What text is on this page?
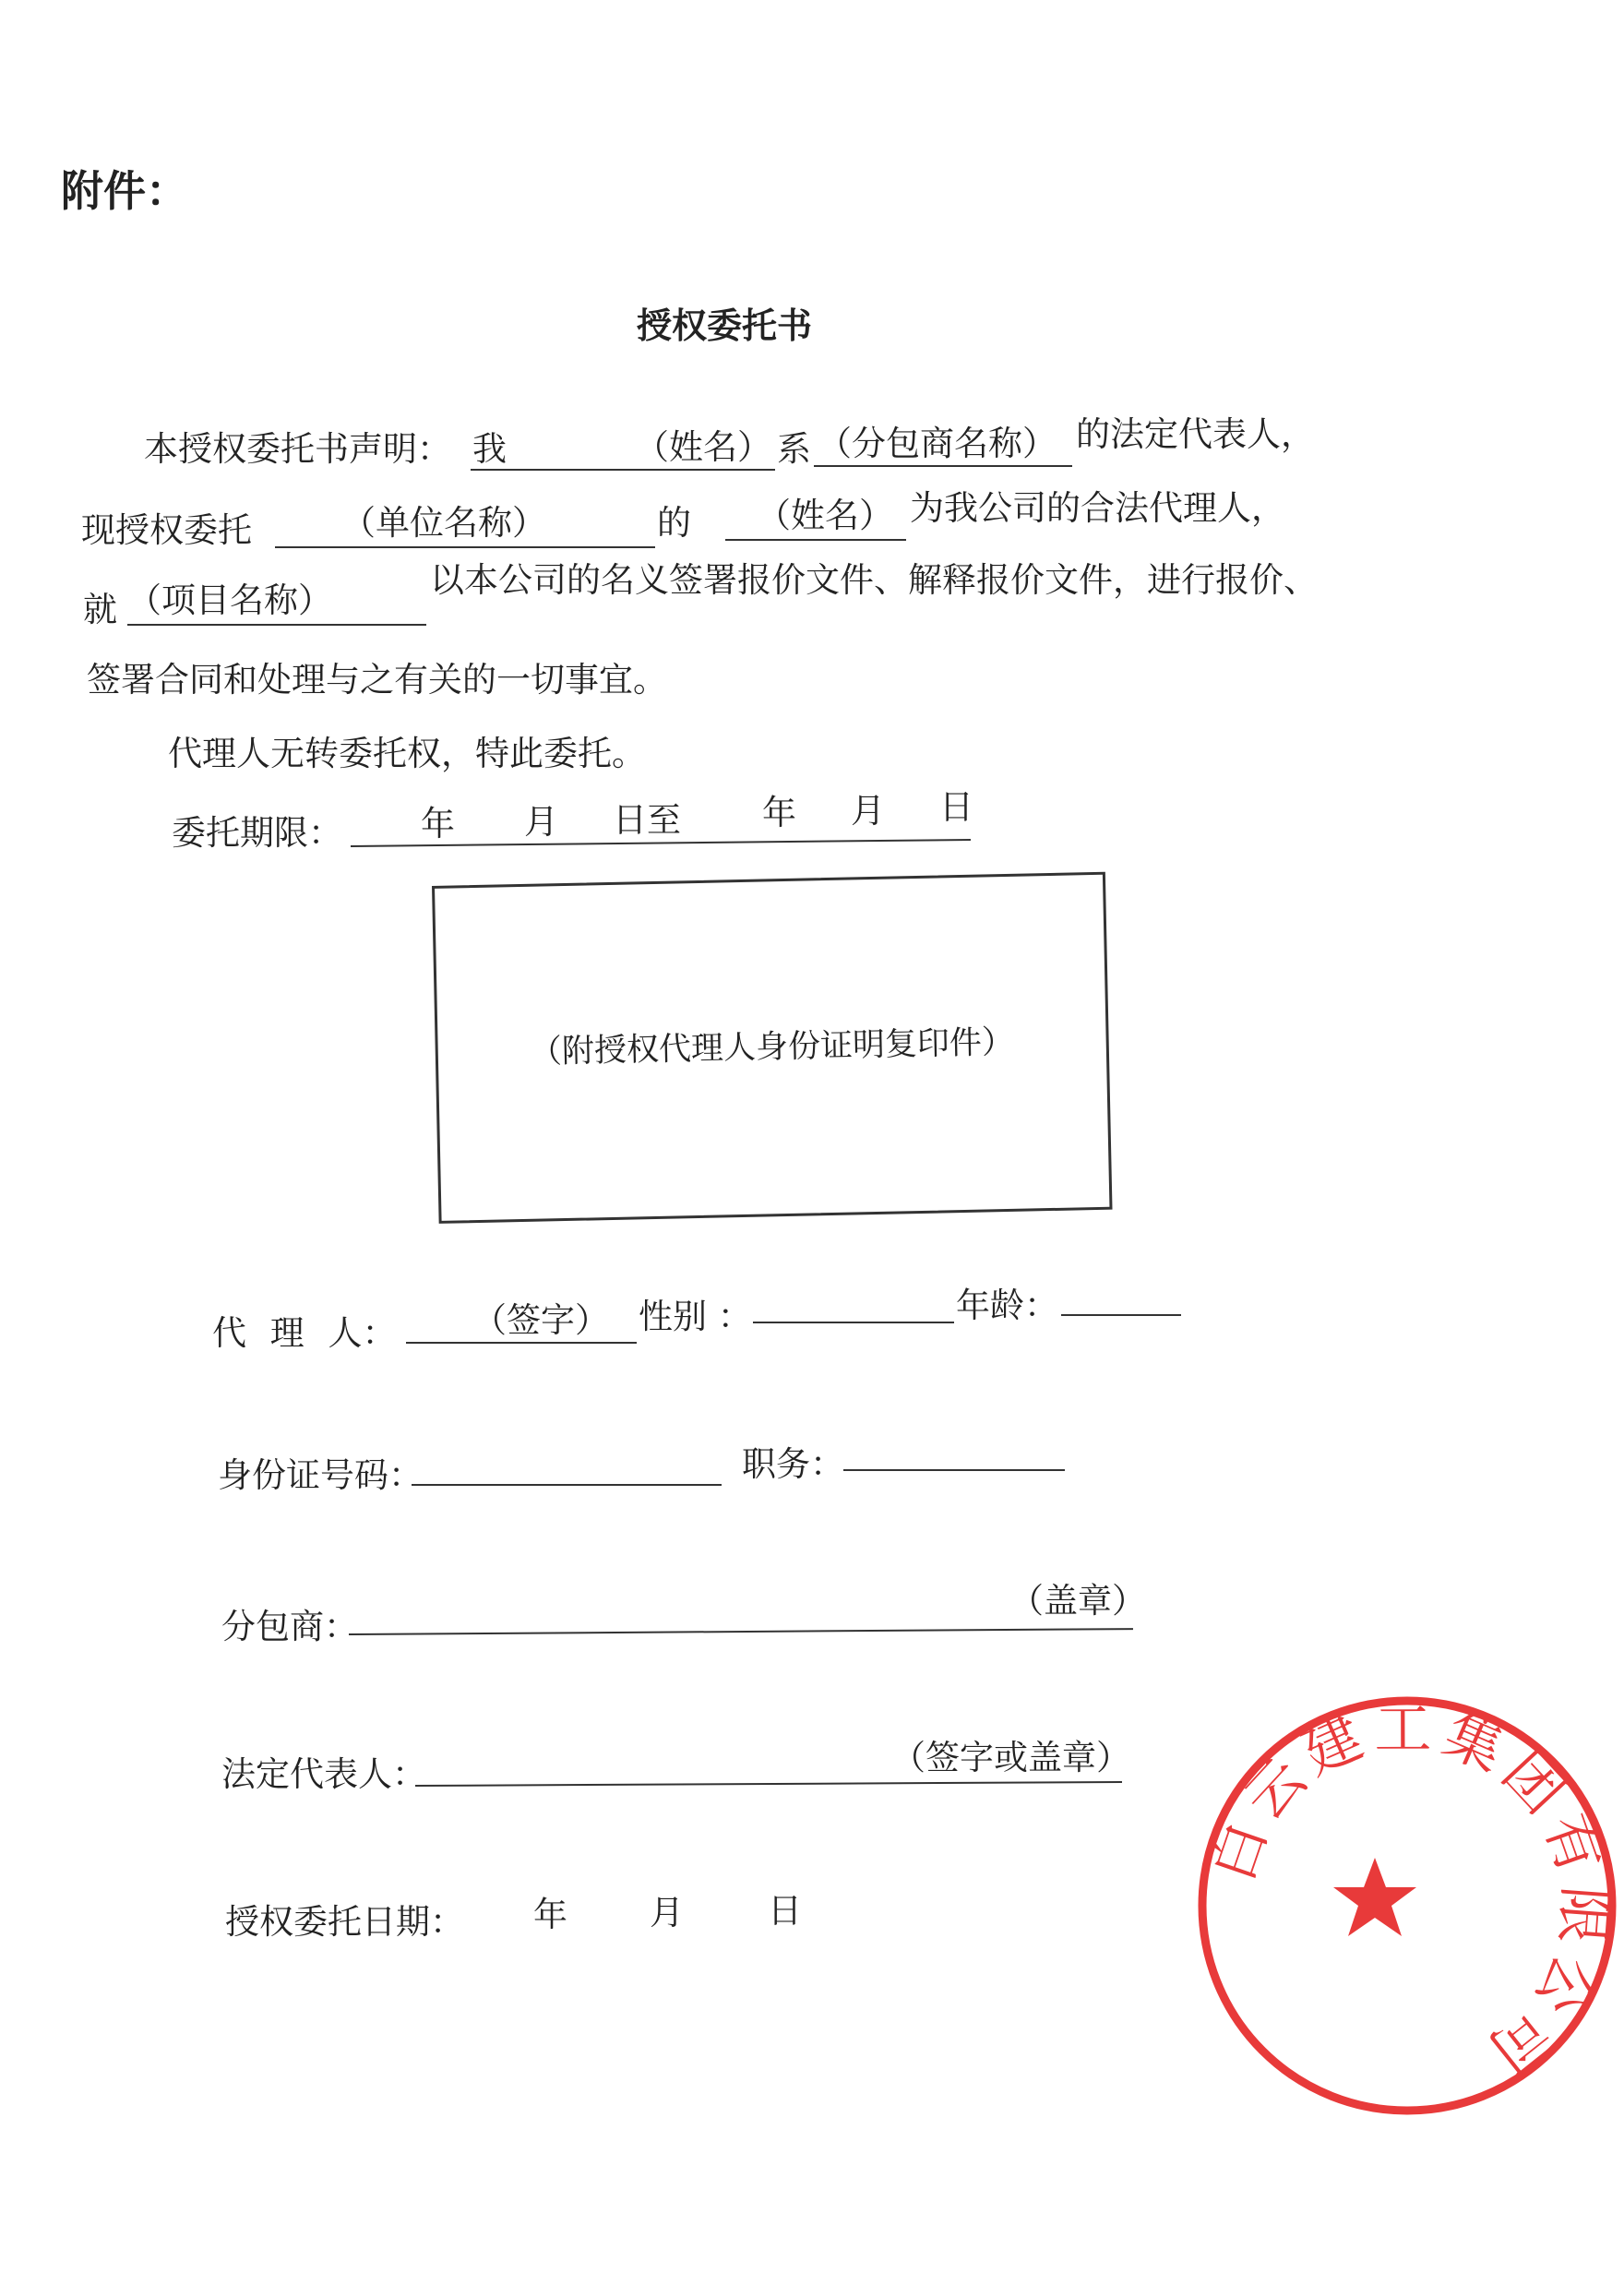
附件：
授权委托书
本授权委托书声明： 我	（姓名） 系 （分包商名称） 的法定代表人，
现授权委托	（单位名称）	的 （姓名） 为我公司的合法代理人，
就 （项目名称）
以本公司的名义签署报价文件、解释报价文件，进行报价、
签署合同和处理与之有关的一切事宜。
代理人无转委托权，特此委托。
委托期限： 年 月 日至 年 月 日
（附授权代理人身份证明复印件）
代 理 人： （签字） 性别 ：	年龄：
身份证号码：	职务：
分包商：
（盖章）
法定代表人：	（签字或盖章）
授权委托日期： 年 月 日
白云建工集团有限公司
